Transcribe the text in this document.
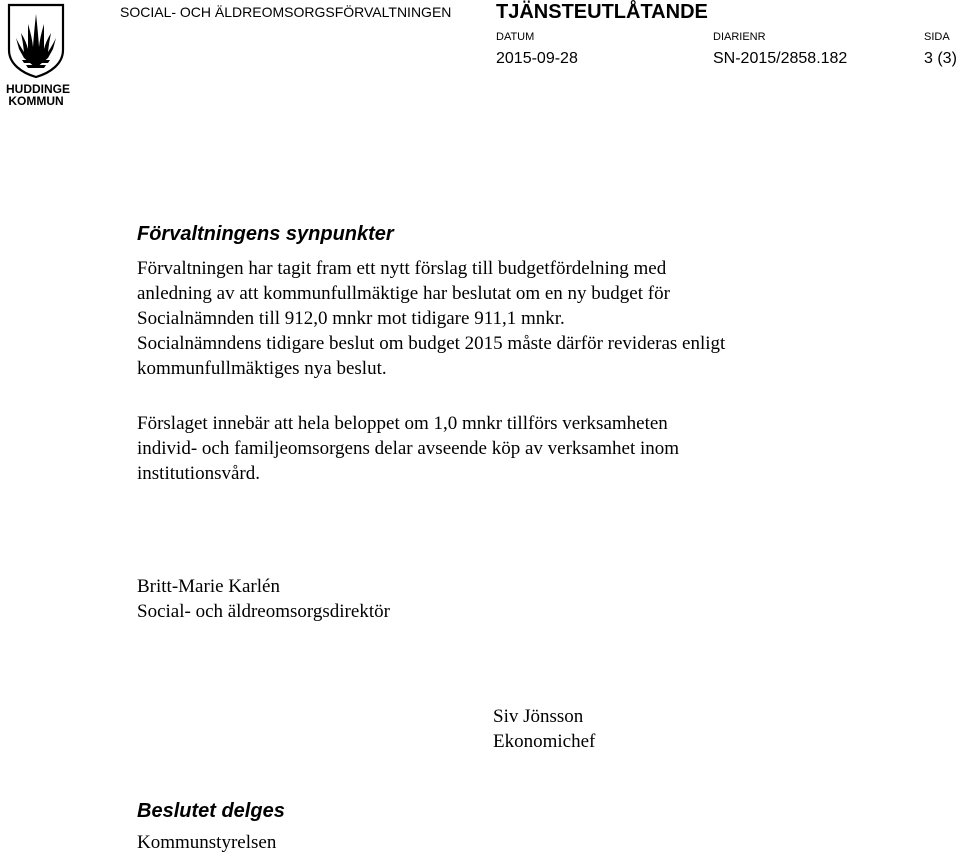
HUDDINGE
KOMMUN
SOCIAL- OCH ÄLDREOMSORGSFÖRVALTNINGEN TJÄNSTEUTLÅTANDE
DATUM	DIARIENR	SIDA
2015-09-28	SN-2015/2858.182	3 (3)
Förvaltningens synpunkter
Förvaltningen har tagit fram ett nytt förslag till budgetfördelning med
anledning av att kommunfullmäktige har beslutat om en ny budget för
Socialnämnden till 912,0 mnkr mot tidigare 911,1 mnkr.
Socialnämndens tidigare beslut om budget 2015 måste därför revideras enligt
kommunfullmäktiges nya beslut.
Förslaget innebär att hela beloppet om 1,0 mnkr tillförs verksamheten
individ- och familjeomsorgens delar avseende köp av verksamhet inom
institutionsvård.
Britt-Marie Karlén
Social- och äldreomsorgsdirektör
Siv Jönsson
Ekonomichef
Beslutet delges
Kommunstyrelsen
